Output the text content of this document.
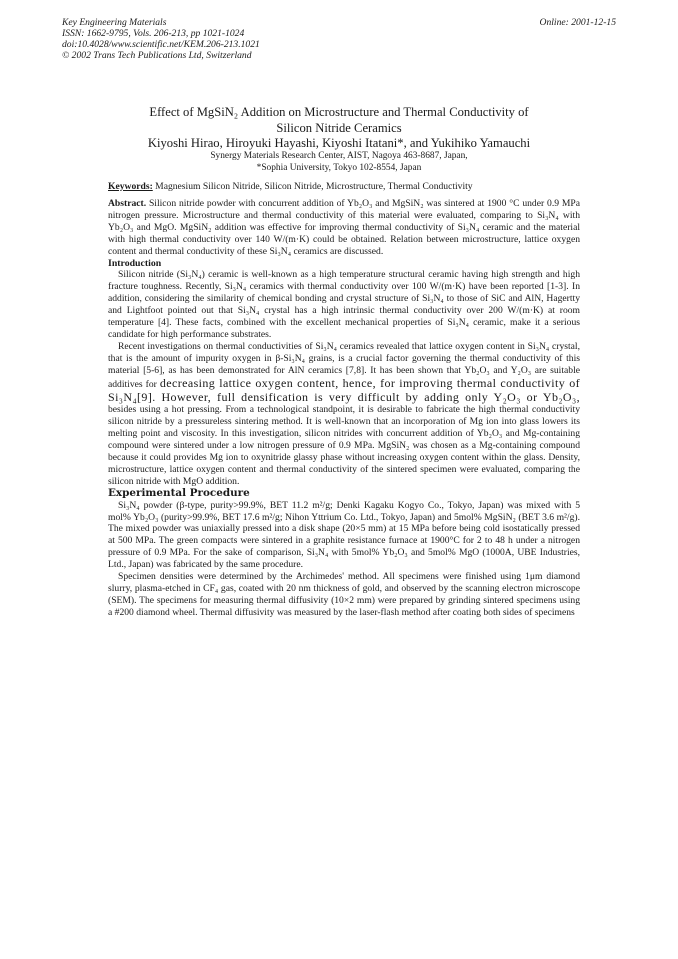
Key Engineering Materials
ISSN: 1662-9795, Vols. 206-213, pp 1021-1024
doi:10.4028/www.scientific.net/KEM.206-213.1021
© 2002 Trans Tech Publications Ltd, Switzerland
Online: 2001-12-15
Effect of MgSiN₂ Addition on Microstructure and Thermal Conductivity of
Silicon Nitride Ceramics
Kiyoshi Hirao, Hiroyuki Hayashi, Kiyoshi Itatani*, and Yukihiko Yamauchi
Synergy Materials Research Center, AIST, Nagoya 463-8687, Japan,
*Sophia University, Tokyo 102-8554, Japan
Keywords: Magnesium Silicon Nitride, Silicon Nitride, Microstructure, Thermal Conductivity

Abstract. Silicon nitride powder with concurrent addition of Yb₂O₃ and MgSiN₂ was sintered at 1900 °C under 0.9 MPa nitrogen pressure. Microstructure and thermal conductivity of this material were evaluated, comparing to Si₃N₄ with Yb₂O₃ and MgO. MgSiN₂ addition was effective for improving thermal conductivity of Si₃N₄ ceramic and the material with high thermal conductivity over 140 W/(m·K) could be obtained. Relation between microstructure, lattice oxygen content and thermal conductivity of these Si₃N₄ ceramics are discussed.

Introduction

Silicon nitride (Si₃N₄) ceramic is well-known as a high temperature structural ceramic having high strength and high fracture toughness. Recently, Si₃N₄ ceramics with thermal conductivity over 100 W/(m·K) have been reported [1-3]. In addition, considering the similarity of chemical bonding and crystal structure of Si₃N₄ to those of SiC and AlN, Hagertty and Lightfoot pointed out that Si₃N₄ crystal has a high intrinsic thermal conductivity over 200 W/(m·K) at room temperature [4]. These facts, combined with the excellent mechanical properties of Si₃N₄ ceramic, make it a serious candidate for high performance substrates.

Recent investigations on thermal conductivities of Si₃N₄ ceramics revealed that lattice oxygen content in Si₃N₄ crystal, that is the amount of impurity oxygen in β-Si₃N₄ grains, is a crucial factor governing the thermal conductivity of this material [5-6], as has been demonstrated for AlN ceramics [7,8]. It has been shown that Yb₂O₃ and Y₂O₃ are suitable additives for decreasing lattice oxygen content, hence, for improving thermal conductivity of Si₃N₄[9]. However, full densification is very difficult by adding only Y₂O₃ or Yb₂O₃, besides using a hot pressing. From a technological standpoint, it is desirable to fabricate the high thermal conductivity silicon nitride by a pressureless sintering method. It is well-known that an incorporation of Mg ion into glass lowers its melting point and viscosity. In this investigation, silicon nitrides with concurrent addition of Yb₂O₃ and Mg-containing compound were sintered under a low nitrogen pressure of 0.9 MPa. MgSiN₂ was chosen as a Mg-containing compound because it could provides Mg ion to oxynitride glassy phase without increasing oxygen content within the glass. Density, microstructure, lattice oxygen content and thermal conductivity of the sintered specimen were evaluated, comparing the silicon nitride with MgO addition.

Experimental Procedure

Si₃N₄ powder (β-type, purity>99.9%, BET 11.2 m²/g; Denki Kagaku Kogyo Co., Tokyo, Japan) was mixed with 5 mol% Yb₂O₃ (purity>99.9%, BET 17.6 m²/g; Nihon Yttrium Co. Ltd., Tokyo, Japan) and 5mol% MgSiN₂ (BET 3.6 m²/g). The mixed powder was uniaxially pressed into a disk shape (20×5 mm) at 15 MPa before being cold isostatically pressed at 500 MPa. The green compacts were sintered in a graphite resistance furnace at 1900°C for 2 to 48 h under a nitrogen pressure of 0.9 MPa. For the sake of comparison, Si₃N₄ with 5mol% Yb₂O₃ and 5mol% MgO (1000A, UBE Industries, Ltd., Japan) was fabricated by the same procedure.

Specimen densities were determined by the Archimedes' method. All specimens were finished using 1μm diamond slurry, plasma-etched in CF₄ gas, coated with 20 nm thickness of gold, and observed by the scanning electron microscope (SEM). The specimens for measuring thermal diffusivity (10×2 mm) were prepared by grinding sintered specimens using a #200 diamond wheel. Thermal diffusivity was measured by the laser-flash method after coating both sides of specimens
